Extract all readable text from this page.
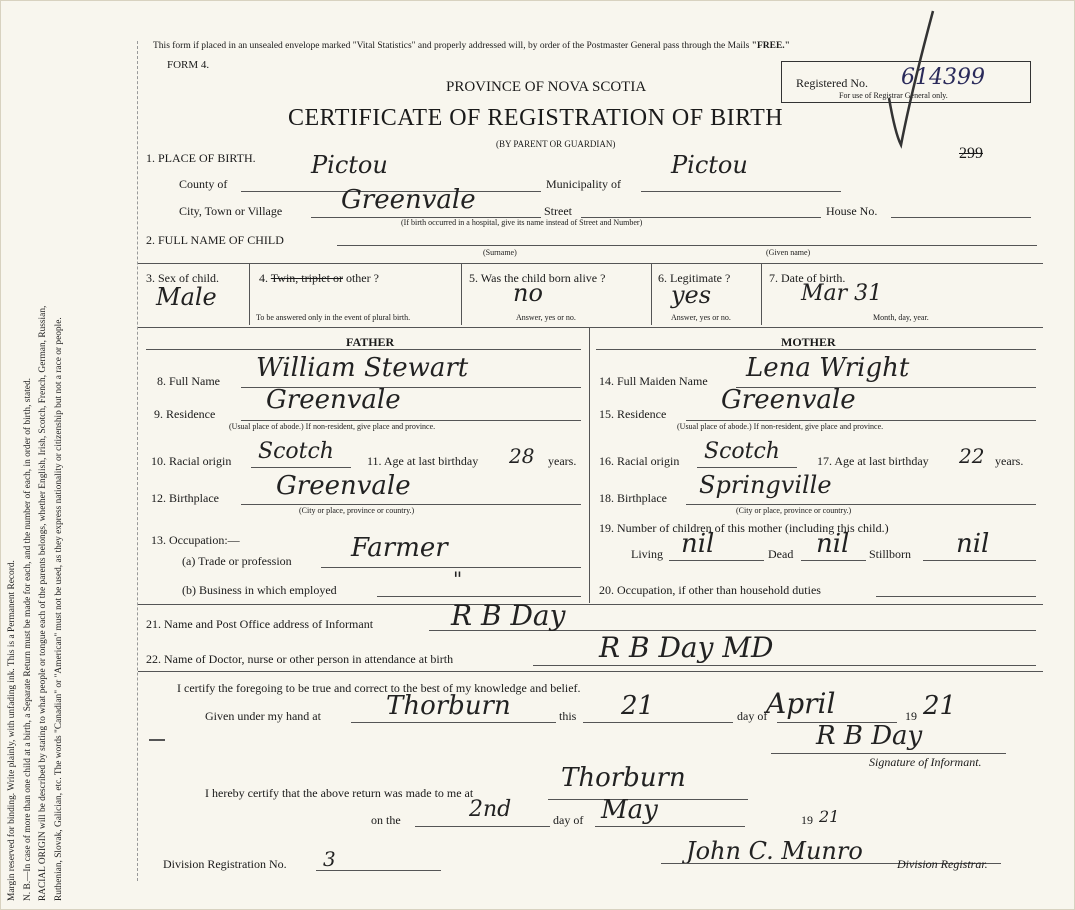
Margin reserved for binding. Write plainly, with unfading ink. This is a Permanent Record. N. B.—In case of more than one child at a birth, a Separate Return must be made for each, and the number of each, in order of birth, stated. RACIAL ORIGIN will be described by stating to what people or tongue each of the parents belongs, whether English, Irish, Scotch, French, German, Russian, Ruthenian, Slovak, Galician, etc. The words "Canadian" or "American" must not be used, as they express nationality or citizenship but not a race or people.
This form if placed in an unsealed envelope marked "Vital Statistics" and properly addressed will, by order of the Postmaster General pass through the Mails "FREE."
FORM 4.
PROVINCE OF NOVA SCOTIA
CERTIFICATE OF REGISTRATION OF BIRTH
(BY PARENT OR GUARDIAN)
Registered No. 614399
For use of Registrar General only.
299
1. PLACE OF BIRTH.
County of
Pictou
Municipality of
Pictou
City, Town or Village Greenvale	Street	House No.
(If birth occurred in a hospital, give its name instead of Street and Number)
2. FULL NAME OF CHILD
(Surname)	(Given name)
3. Sex of child.
Male
4. Twin, triplet or other ?
To be answered only in the event of plural birth.
5. Was the child born alive ?
no
Answer, yes or no.
6. Legitimate ?
yes
Answer, yes or no.
7. Date of birth.
Mar 31
Month, day, year.
FATHER
8. Full Name William Stewart
9. Residence Greenvale
(Usual place of abode.) If non-resident, give place and province.
10. Racial origin Scotch	11. Age at last birthday 28 years.
12. Birthplace Greenvale
(City or place, province or country.)
13. Occupation:—
(a) Trade or profession Farmer
(b) Business in which employed	"
MOTHER
14. Full Maiden Name Lena Wright
15. Residence Greenvale
(Usual place of abode.) If non-resident, give place and province.
16. Racial origin Scotch	17. Age at last birthday 22 years.
18. Birthplace Springville
(City or place, province or country.)
19. Number of children of this mother (including this child.)
Living nil	Dead nil Stillborn nil
20. Occupation, if other than household duties
21. Name and Post Office address of Informant	R B Day
22. Name of Doctor, nurse or other person in attendance at birth	R B Day MD
I certify the foregoing to be true and correct to the best of my knowledge and belief.
Given under my hand at	Thorburn	this 21	day of
April	19 21
R B Day
Signature of Informant.
I hereby certify that the above return was made to me at	Thorburn
on the	2nd	day of May	19 21
Division Registration No. 3	John C. Munro	Division Registrar.
